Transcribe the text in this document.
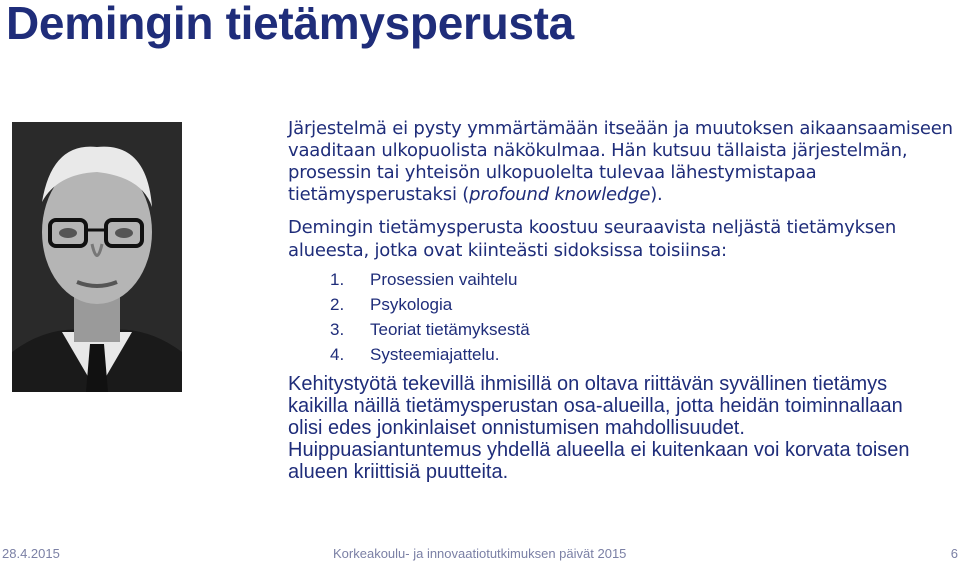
Demingin tietämysperusta

Järjestelmä ei pysty ymmärtämään itseään ja muutoksen aikaansaamiseen vaaditaan ulkopuolista näkökulmaa. Hän kutsuu tällaista järjestelmän, prosessin tai yhteisön ulkopuolelta tulevaa lähestymistapaa tietämysperustaksi (profound knowledge).

Demingin tietämysperusta koostuu seuraavista neljästä tietämyksen alueesta, jotka ovat kiinteästi sidoksissa toisiinsa:

1. Prosessien vaihtelu
2. Psykologia
3. Teoriat tietämyksestä
4. Systeemiajattelu.

Kehitystyötä tekevillä ihmisillä on oltava riittävän syvällinen tietämys kaikilla näillä tietämysperustan osa-alueilla, jotta heidän toiminnallaan olisi edes jonkinlaiset onnistumisen mahdollisuudet. Huippuasiantuntemus yhdellä alueella ei kuitenkaan voi korvata toisen alueen kriittisiä puutteita.

28.4.2015	Korkeakoulu- ja innovaatiotutkimuksen päivät 2015	6
